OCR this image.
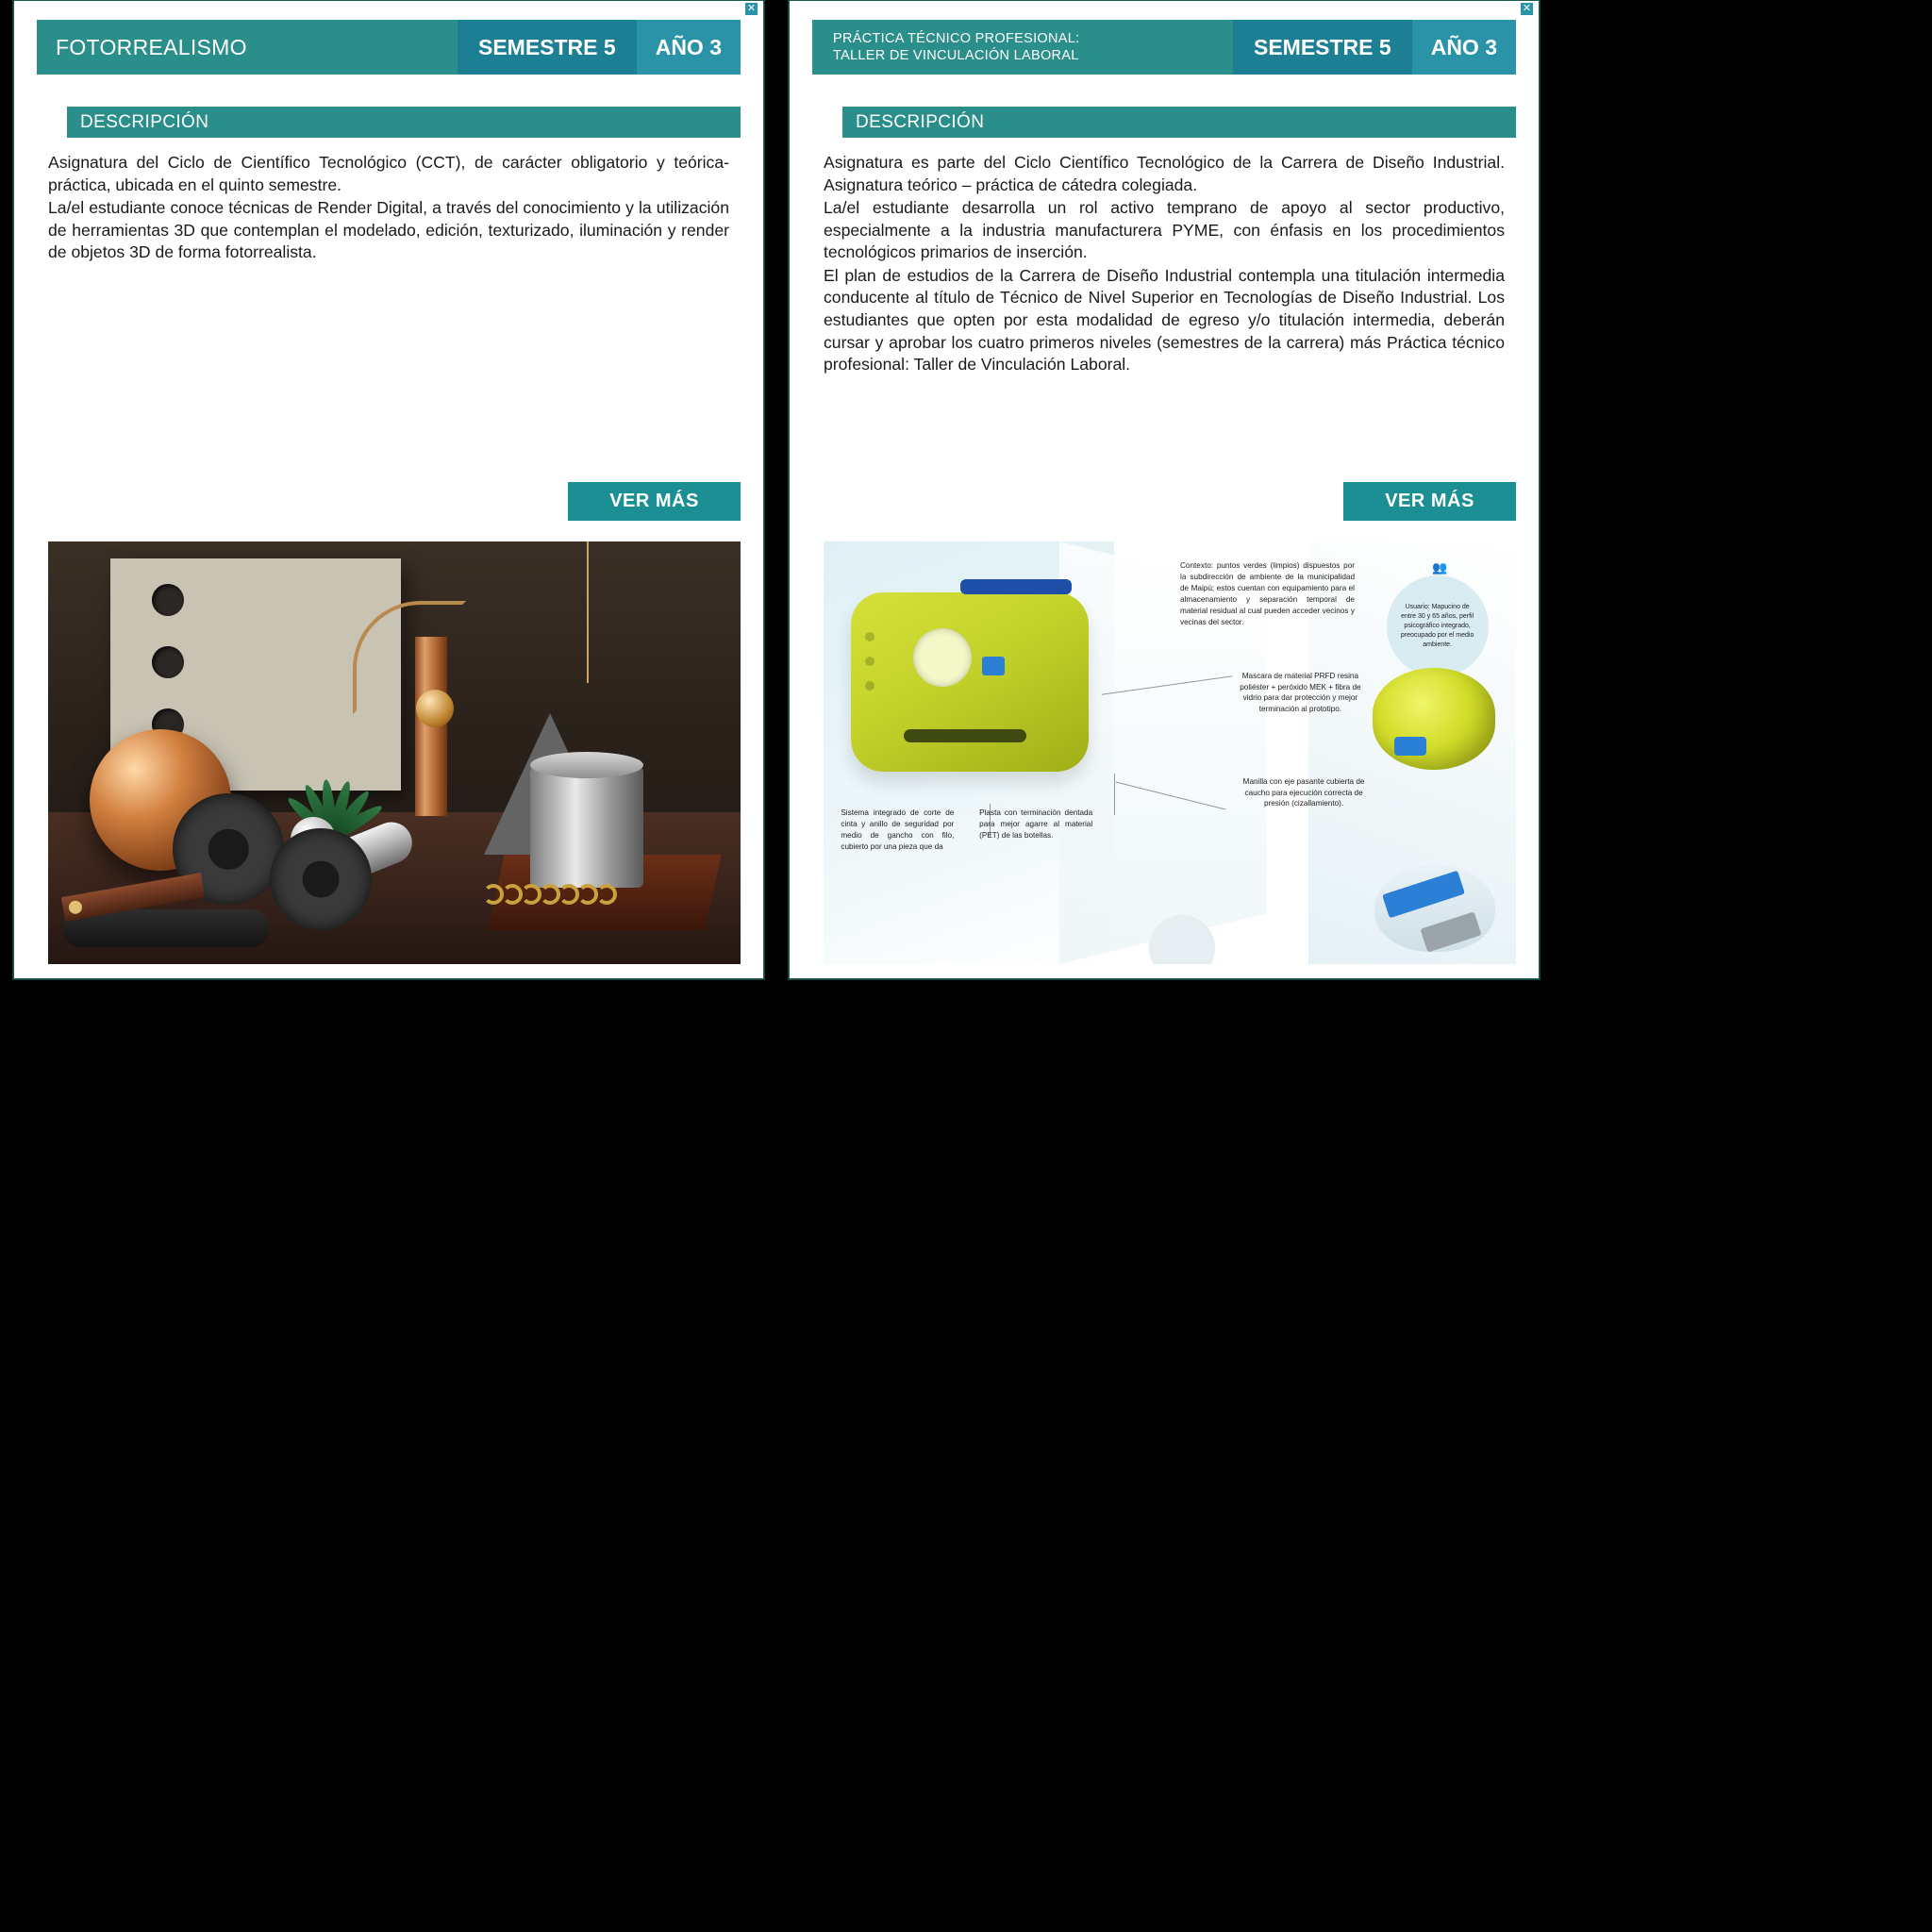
✕
FOTORREALISMO	SEMESTRE 5	AÑO 3
DESCRIPCIÓN

Asignatura del Ciclo de Científico Tecnológico (CCT), de carácter obligatorio y teórica-práctica, ubicada en el quinto semestre.

La/el estudiante conoce técnicas de Render Digital, a través del conocimiento y la utilización de herramientas 3D que contemplan el modelado, edición, texturizado, iluminación y render de objetos 3D de forma fotorrealista.

VER MÁS
✕
PRÁCTICA TÉCNICO PROFESIONAL:
TALLER DE VINCULACIÓN LABORAL	SEMESTRE 5	AÑO 3
DESCRIPCIÓN

Asignatura es parte del Ciclo Científico Tecnológico de la Carrera de Diseño Industrial. Asignatura teórico – práctica de cátedra colegiada.

La/el estudiante desarrolla un rol activo temprano de apoyo al sector productivo, especialmente a la industria manufacturera PYME, con énfasis en los procedimientos tecnológicos primarios de inserción.

El plan de estudios de la Carrera de Diseño Industrial contempla una titulación intermedia conducente al título de Técnico de Nivel Superior en Tecnologías de Diseño Industrial. Los estudiantes que opten por esta modalidad de egreso y/o titulación intermedia, deberán cursar y aprobar los cuatro primeros niveles (semestres de la carrera) más Práctica técnico profesional: Taller de Vinculación Laboral.

VER MÁS
👥
Usuario: Mapucino de entre 30 y 65 años, perfil psicográfico integrado, preocupado por el medio ambiente.
Contexto: puntos verdes (limpios) dispuestos por la subdirección de ambiente de la municipalidad de Maipú; estos cuentan con equipamiento para el almacenamiento y separación temporal de material residual al cual pueden acceder vecinos y vecinas del sector.
Mascara de material PRFD resina poliéster + peróxido MEK + fibra de vidrio para dar protección y mejor terminación al prototipo.
Manilla con eje pasante cubierta de caucho para ejecución correcta de presión (cizallamiento).
Sistema integrado de corte de cinta y anillo de seguridad por medio de gancho con filo, cubierto por una pieza que da
Plasta con terminación dentada para mejor agarre al material (PET) de las botellas.
